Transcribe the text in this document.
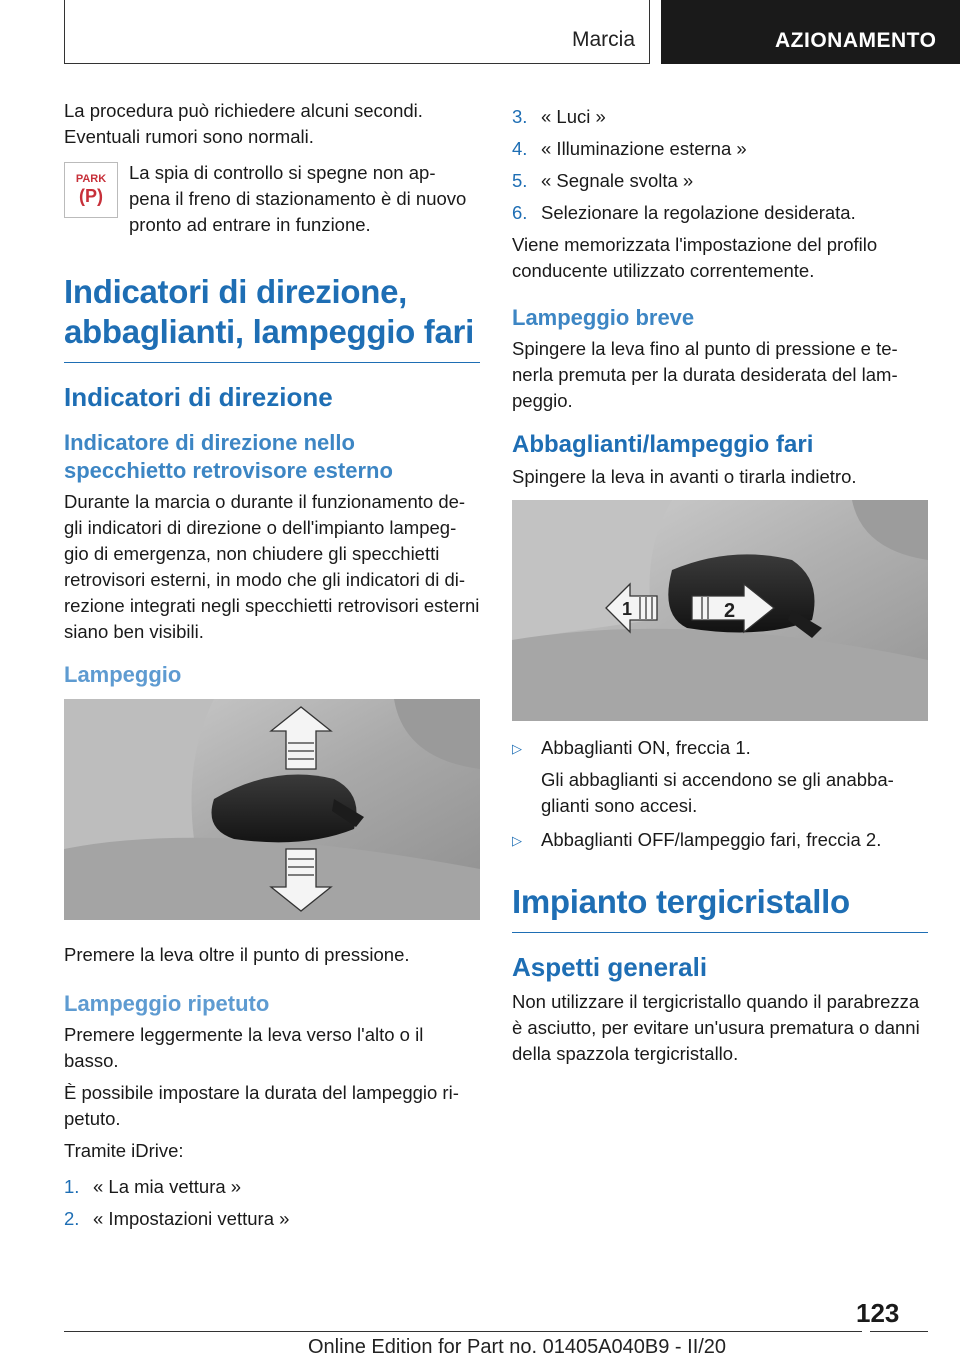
Marcia	AZIONAMENTO

La procedura può richiedere alcuni secondi. Eventuali rumori sono normali.

PARK
(P)
La spia di controllo si spegne non ap- pena il freno di stazionamento è di nuovo pronto ad entrare in funzione.
Indicatori di direzione, abbaglianti, lampeggio fari
Indicatori di direzione
Indicatore di direzione nello specchietto retrovisore esterno

Durante la marcia o durante il funzionamento de- gli indicatori di direzione o dell'impianto lampeg- gio di emergenza, non chiudere gli specchietti retrovisori esterni, in modo che gli indicatori di di- rezione integrati negli specchietti retrovisori esterni siano ben visibili.

Lampeggio

Premere la leva oltre il punto di pressione.

Lampeggio ripetuto

Premere leggermente la leva verso l'alto o il basso.

È possibile impostare la durata del lampeggio ri- petuto.

Tramite iDrive:

1. « La mia vettura »
2. « Impostazioni vettura »
3. « Luci »
4. « Illuminazione esterna »
5. « Segnale svolta »
6. Selezionare la regolazione desiderata.

Viene memorizzata l'impostazione del profilo conducente utilizzato correntemente.

Lampeggio breve

Spingere la leva fino al punto di pressione e te- nerla premuta per la durata desiderata del lam- peggio.

Abbaglianti/lampeggio fari

Spingere la leva in avanti o tirarla indietro.

1	2
▷	Abbaglianti ON, freccia 1.
Gli abbaglianti si accendono se gli anabba- glianti sono accesi.
▷	Abbaglianti OFF/lampeggio fari, freccia 2.
Impianto tergicristallo
Aspetti generali

Non utilizzare il tergicristallo quando il parabrezza è asciutto, per evitare un'usura prematura o danni della spazzola tergicristallo.

123
Online Edition for Part no. 01405A040B9 - II/20
